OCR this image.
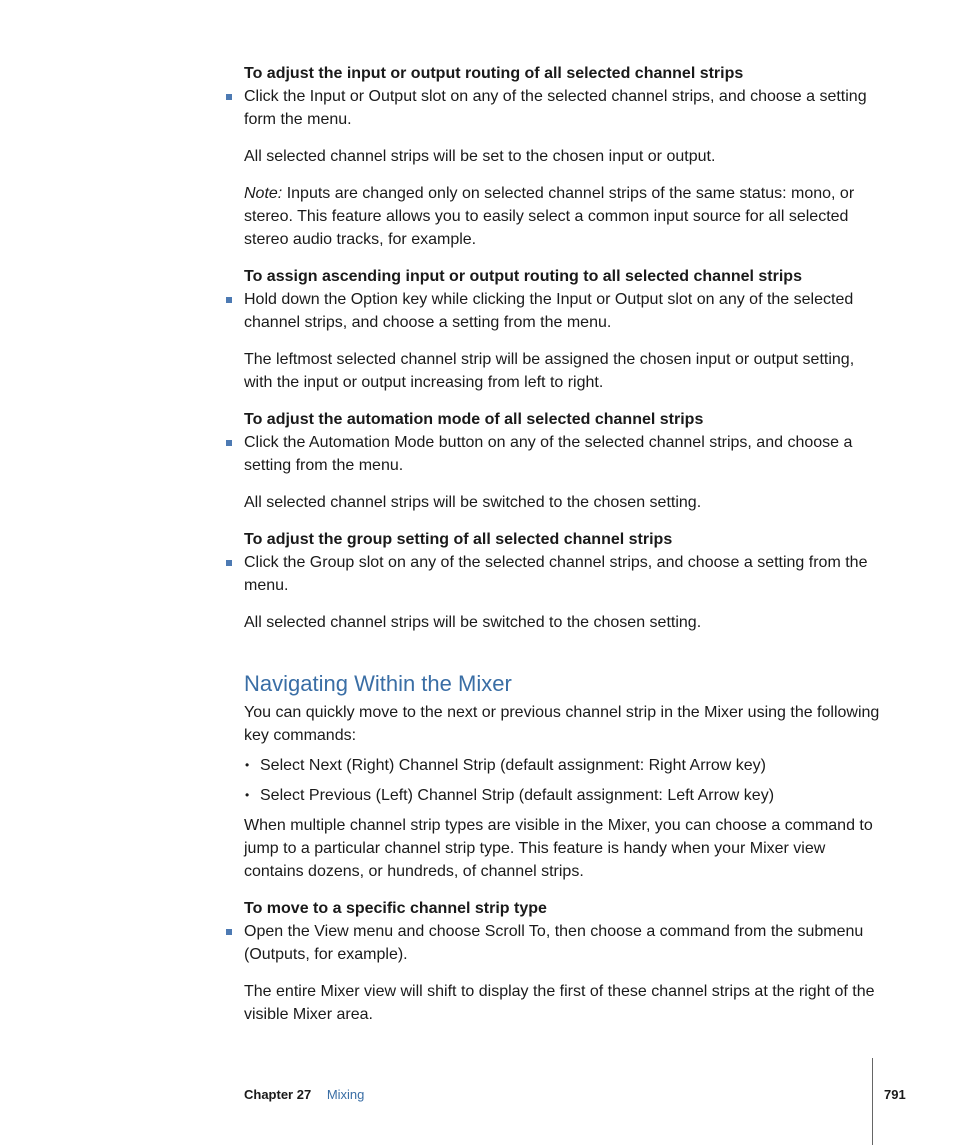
To adjust the input or output routing of all selected channel strips

Click the Input or Output slot on any of the selected channel strips, and choose a setting form the menu.

All selected channel strips will be set to the chosen input or output.

Note: Inputs are changed only on selected channel strips of the same status: mono, or stereo. This feature allows you to easily select a common input source for all selected stereo audio tracks, for example.

To assign ascending input or output routing to all selected channel strips

Hold down the Option key while clicking the Input or Output slot on any of the selected channel strips, and choose a setting from the menu.

The leftmost selected channel strip will be assigned the chosen input or output setting, with the input or output increasing from left to right.

To adjust the automation mode of all selected channel strips

Click the Automation Mode button on any of the selected channel strips, and choose a setting from the menu.

All selected channel strips will be switched to the chosen setting.

To adjust the group setting of all selected channel strips

Click the Group slot on any of the selected channel strips, and choose a setting from the menu.

All selected channel strips will be switched to the chosen setting.

Navigating Within the Mixer

You can quickly move to the next or previous channel strip in the Mixer using the following key commands:

• Select Next (Right) Channel Strip (default assignment: Right Arrow key)
• Select Previous (Left) Channel Strip (default assignment: Left Arrow key)

When multiple channel strip types are visible in the Mixer, you can choose a command to jump to a particular channel strip type. This feature is handy when your Mixer view contains dozens, or hundreds, of channel strips.

To move to a specific channel strip type

Open the View menu and choose Scroll To, then choose a command from the submenu (Outputs, for example).

The entire Mixer view will shift to display the first of these channel strips at the right of the visible Mixer area.

Chapter 27 Mixing	791
